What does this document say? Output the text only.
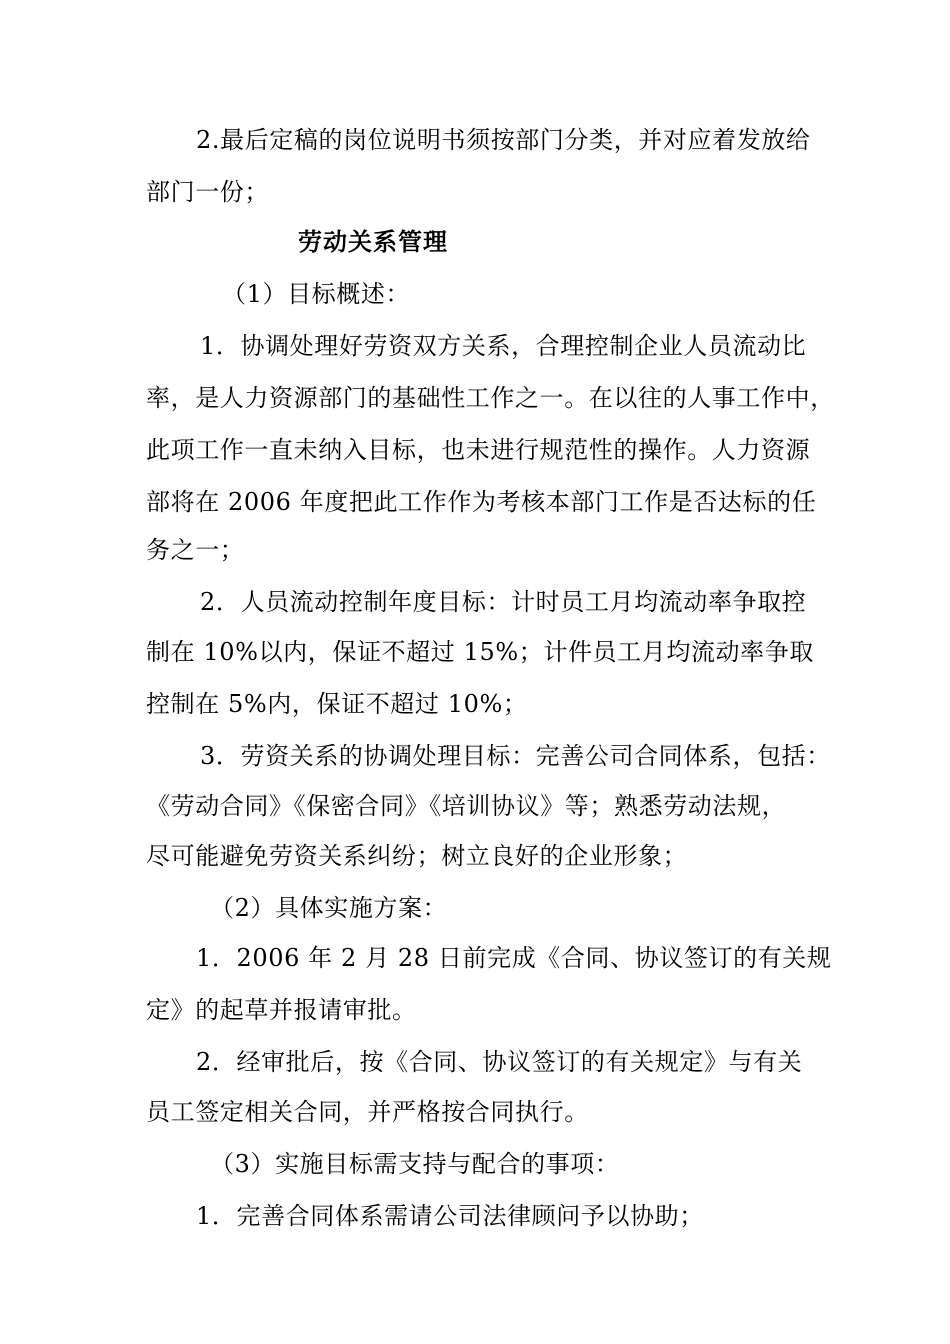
2.最后定稿的岗位说明书须按部门分类，并对应着发放给
部门一份；
劳动关系管理
（1）目标概述：
1．协调处理好劳资双方关系，合理控制企业人员流动比
率，是人力资源部门的基础性工作之一。在以往的人事工作中，
此项工作一直未纳入目标，也未进行规范性的操作。人力资源
部将在 2006 年度把此工作作为考核本部门工作是否达标的任
务之一；
2．人员流动控制年度目标：计时员工月均流动率争取控
制在 10%以内，保证不超过 15%；计件员工月均流动率争取
控制在 5%内，保证不超过 10%；
3．劳资关系的协调处理目标：完善公司合同体系，包括：
《劳动合同》《保密合同》《培训协议》等；熟悉劳动法规，
尽可能避免劳资关系纠纷；树立良好的企业形象；
（2）具体实施方案：
1．2006 年 2 月 28 日前完成《合同、协议签订的有关规
定》的起草并报请审批。
2．经审批后，按《合同、协议签订的有关规定》与有关
员工签定相关合同，并严格按合同执行。
（3）实施目标需支持与配合的事项：
1．完善合同体系需请公司法律顾问予以协助；
